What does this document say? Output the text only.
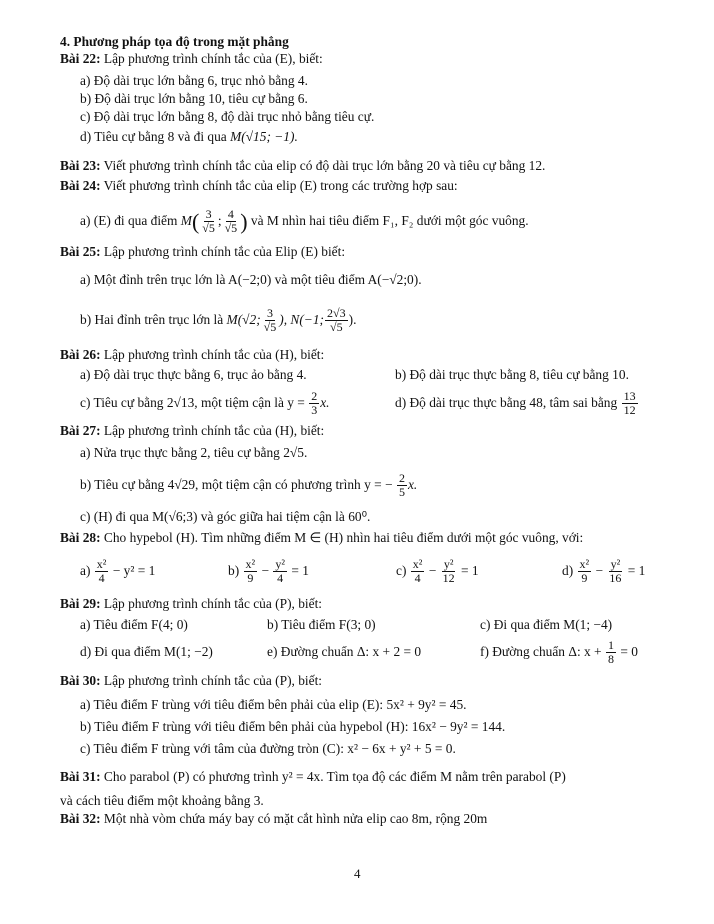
4. Phương pháp tọa độ trong mặt phẳng
Bài 22: Lập phương trình chính tắc của (E), biết:
a) Độ dài trục lớn bằng 6, trục nhỏ bằng 4.
b) Độ dài trục lớn bằng 10, tiêu cự bằng 6.
c) Độ dài trục lớn bằng 8, độ dài trục nhỏ bằng tiêu cự.
d) Tiêu cự bằng 8 và đi qua M(√15; −1).
Bài 23: Viết phương trình chính tắc của elip có độ dài trục lớn bằng 20 và tiêu cự bằng 12.
Bài 24: Viết phương trình chính tắc của elip (E) trong các trường hợp sau:
a) (E) đi qua điểm $M( \frac{3}{√5}$ ; $\frac{4}{√5}$ ) và M nhìn hai tiêu điểm F₁, F₂ dưới một góc vuông.
Bài 25: Lập phương trình chính tắc của Elip (E) biết:
a) Một đỉnh trên trục lớn là A(−2;0) và một tiêu điểm A(−√2;0).
b) Hai đỉnh trên trục lớn là M(√2; $\frac{3}{√5}$ ), N(−1; $\frac{2√3}{√5}$ ).
Bài 26: Lập phương trình chính tắc của (H), biết:
a) Độ dài trục thực bằng 6, trục ảo bằng 4.	b) Độ dài trục thực bằng 8, tiêu cự bằng 10.
c) Tiêu cự bằng 2√13, một tiệm cận là $y = \frac{2}{3} x$.	d) Độ dài trục thực bằng 48, tâm sai bằng $\frac{13}{12}$
Bài 27: Lập phương trình chính tắc của (H), biết:
a) Nửa trục thực bằng 2, tiêu cự bằng 2√5.
b) Tiêu cự bằng 4√29, một tiệm cận có phương trình y = − $\frac{2}{5} x$.
c) (H) đi qua M(√6;3) và góc giữa hai tiệm cận là 60⁰.
Bài 28: Cho hypebol (H). Tìm những điểm M ∈ (H) nhìn hai tiêu điểm dưới một góc vuông, với:
$a) \frac{\text{x²}}{4} - y^2 = 1$	$b) \frac{\text{x²}}{9} - \frac{\text{y²}}{4} = 1$	$c) \frac{\text{x²}}{4} - \frac{\text{y²}}{12} = 1$	$d) \frac{\text{x²}}{9} - \frac{\text{y²}}{16} = 1$
Bài 29: Lập phương trình chính tắc của (P), biết:
a) Tiêu điểm F(4; 0)	b) Tiêu điểm F(3; 0)	c) Đi qua điểm M(1; −4)
d) Đi qua điểm M(1; −2)	e) Đường chuẩn Δ: x + 2 = 0	f) Đường chuẩn Δ: $x + \frac{1}{8} = 0$
Bài 30: Lập phương trình chính tắc của (P), biết:
a) Tiêu điểm F trùng với tiêu điểm bên phải của elip (E): 5x² + 9y² = 45.
b) Tiêu điểm F trùng với tiêu điểm bên phải của hypebol (H): 16x² − 9y² = 144.
c) Tiêu điểm F trùng với tâm của đường tròn (C): x² − 6x + y² + 5 = 0.
Bài 31: Cho parabol (P) có phương trình y² = 4x. Tìm tọa độ các điểm M nằm trên parabol (P)
và cách tiêu điểm một khoảng bằng 3.
Bài 32: Một nhà vòm chứa máy bay có mặt cắt hình nửa elip cao 8m, rộng 20m
4
